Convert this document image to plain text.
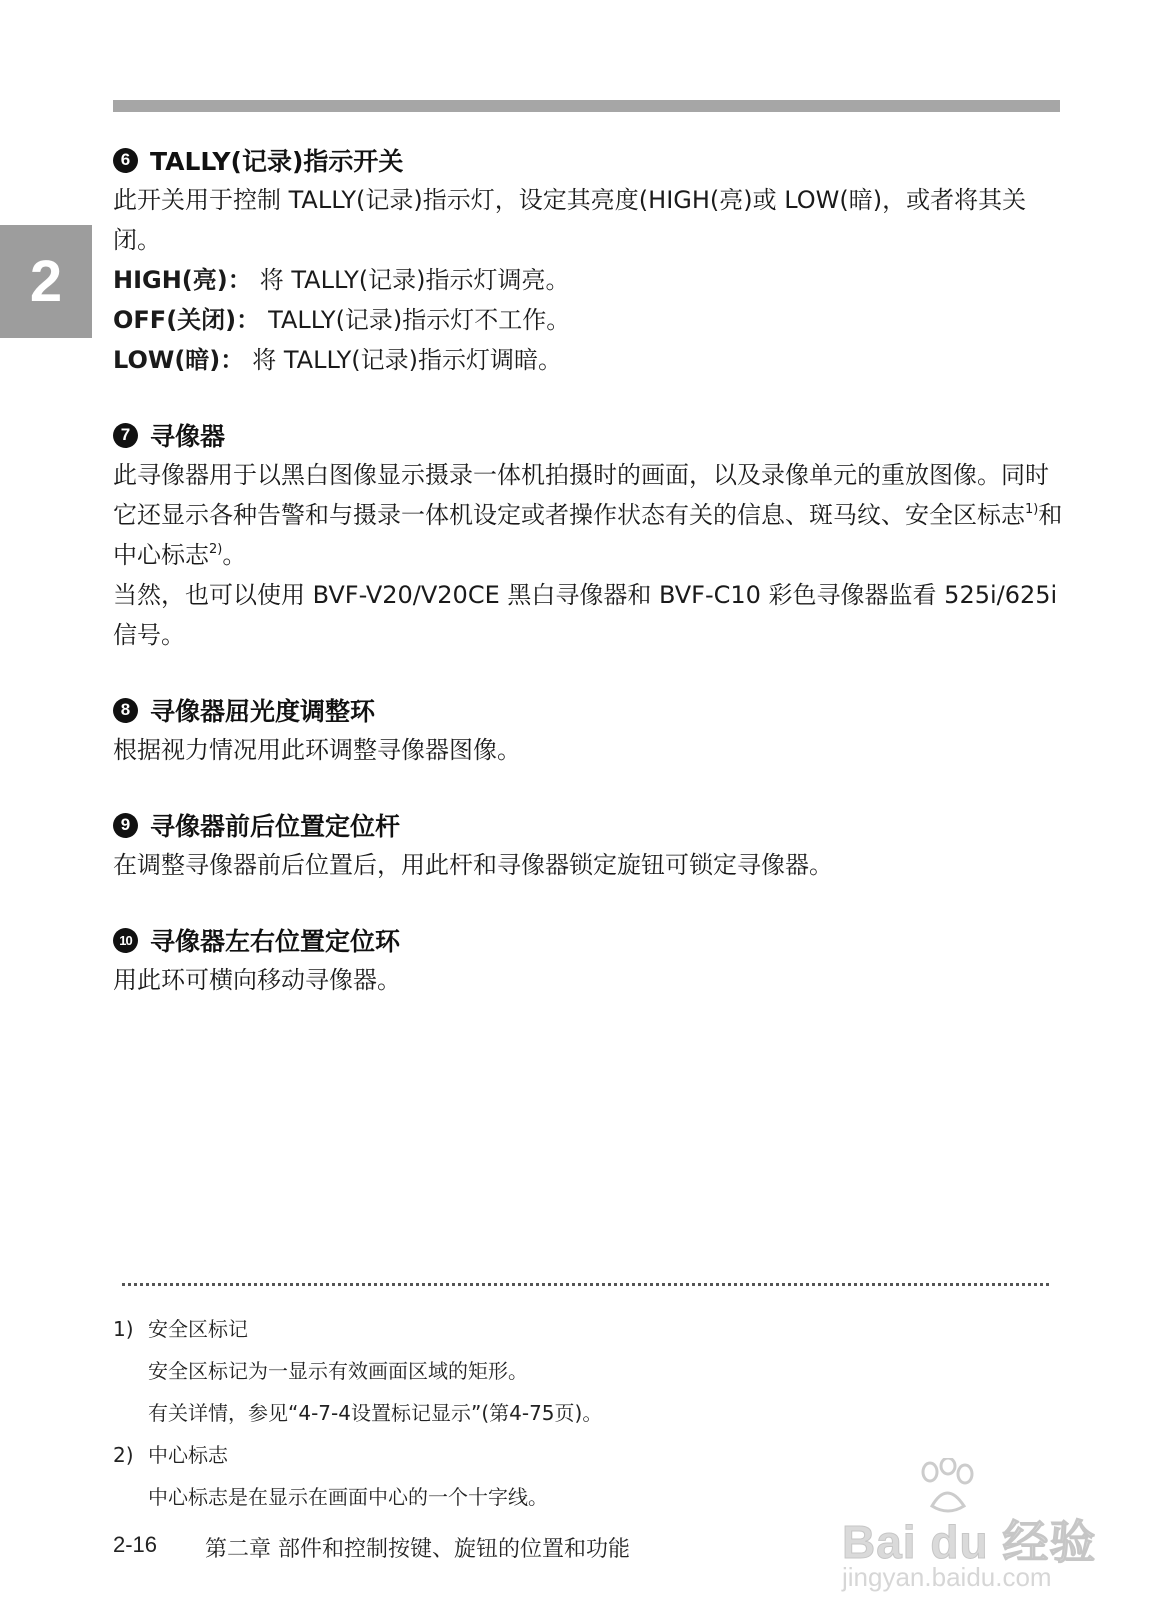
2
6 TALLY(记录)指示开关

此开关用于控制 TALLY(记录)指示灯，设定其亮度(HIGH(亮)或 LOW(暗)，或者将其关闭。

HIGH(亮)： 将 TALLY(记录)指示灯调亮。
OFF(关闭)： TALLY(记录)指示灯不工作。
LOW(暗)： 将 TALLY(记录)指示灯调暗。
7 寻像器

此寻像器用于以黑白图像显示摄录一体机拍摄时的画面，以及录像单元的重放图像。同时它还显示各种告警和与摄录一体机设定或者操作状态有关的信息、斑马纹、安全区标志$^{1)}$和中心标志$^{2)}$。

当然，也可以使用 BVF-V20/V20CE 黑白寻像器和 BVF-C10 彩色寻像器监看 525i/625i 信号。

8 寻像器屈光度调整环

根据视力情况用此环调整寻像器图像。

9 寻像器前后位置定位杆

在调整寻像器前后位置后，用此杆和寻像器锁定旋钮可锁定寻像器。

10 寻像器左右位置定位环

用此环可横向移动寻像器。

1) 安全区标记
安全区标记为一显示有效画面区域的矩形。
有关详情，参见“4-7-4设置标记显示”(第4-75页)。
2) 中心标志
中心标志是在显示在画面中心的一个十字线。
2-16	第二章 部件和控制按键、旋钮的位置和功能	Bai du 经验
jingyan.baidu.com
